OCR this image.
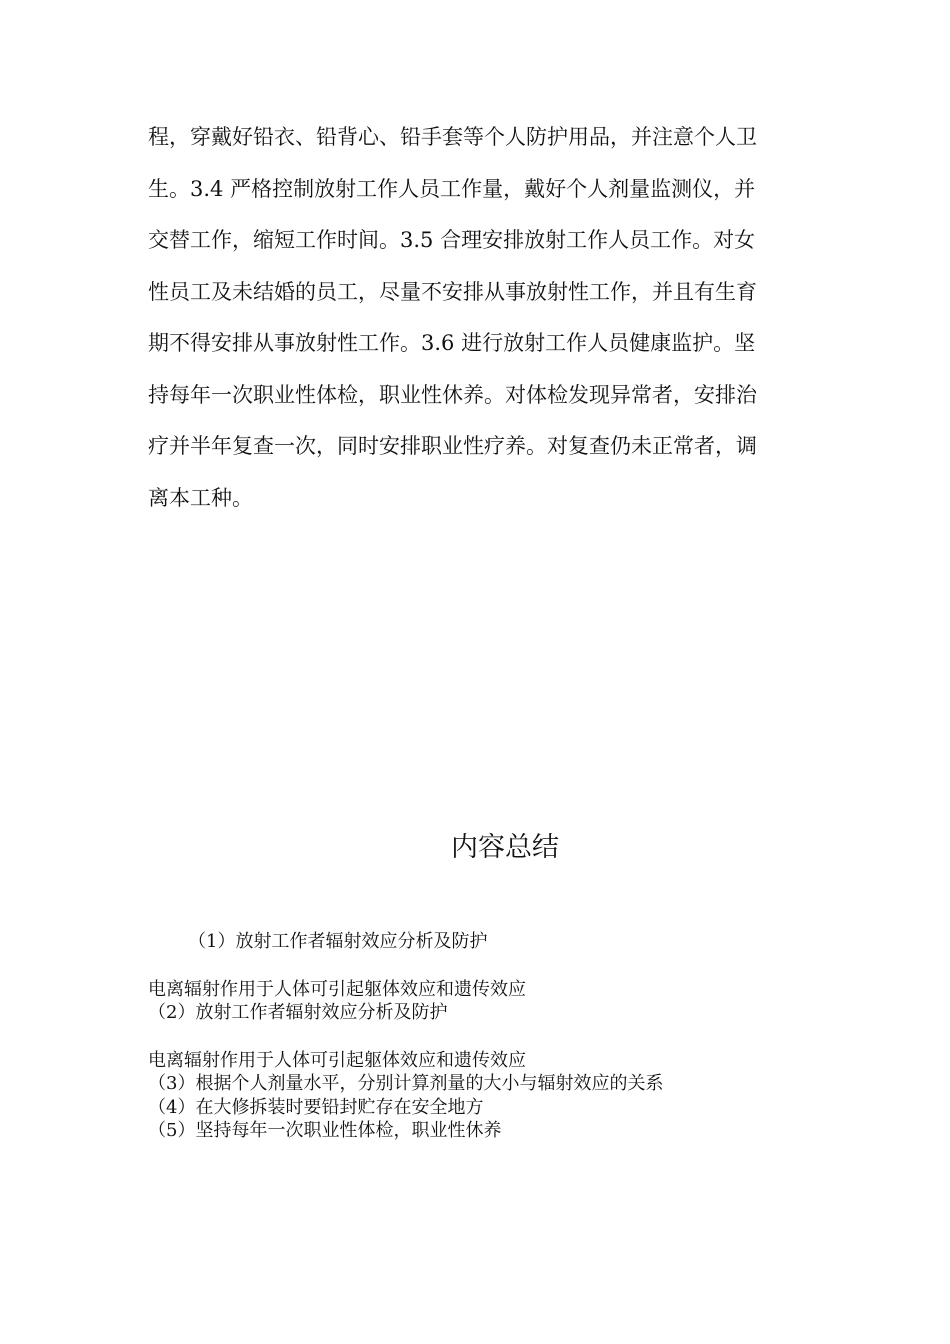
程，穿戴好铅衣、铅背心、铅手套等个人防护用品，并注意个人卫
生。3.4 严格控制放射工作人员工作量，戴好个人剂量监测仪，并
交替工作，缩短工作时间。3.5 合理安排放射工作人员工作。对女
性员工及未结婚的员工，尽量不安排从事放射性工作，并且有生育
期不得安排从事放射性工作。3.6 进行放射工作人员健康监护。坚
持每年一次职业性体检，职业性休养。对体检发现异常者，安排治
疗并半年复查一次，同时安排职业性疗养。对复查仍未正常者，调
离本工种。
内容总结
（1）放射工作者辐射效应分析及防护
电离辐射作用于人体可引起躯体效应和遗传效应
（2）放射工作者辐射效应分析及防护
电离辐射作用于人体可引起躯体效应和遗传效应
（3）根据个人剂量水平，分别计算剂量的大小与辐射效应的关系
（4）在大修拆装时要铅封贮存在安全地方
（5）坚持每年一次职业性体检，职业性休养
